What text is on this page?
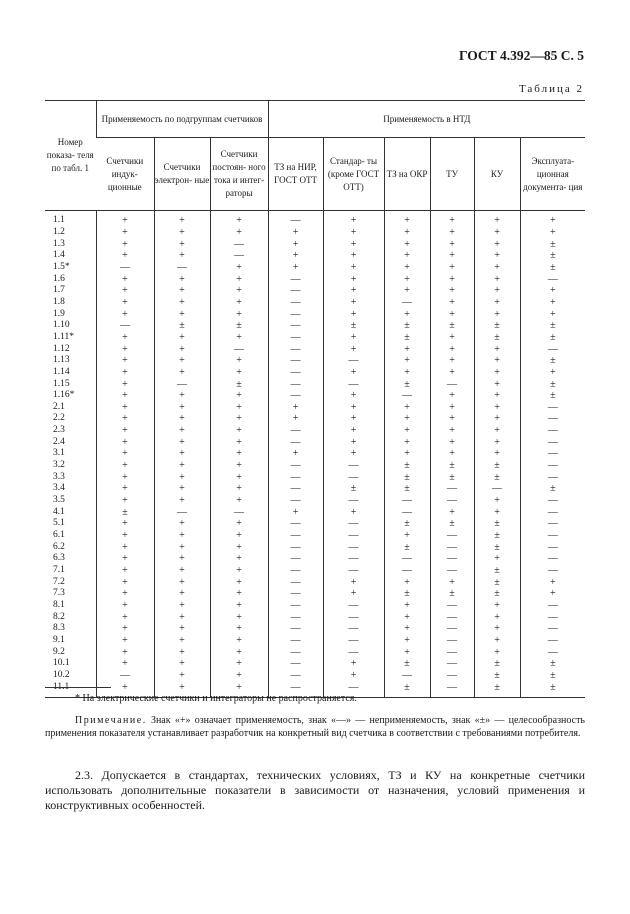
ГОСТ 4.392—85 С. 5
Таблица 2
Номер показа- теля по табл. 1	Применяемость по подгруппам счетчиков			Применяемость в НТД					
	Счетчики индук- ционные	Счетчики электрон- ные	Счетчики постоян- ного тока и интег- раторы	ТЗ на НИР, ГОСТ ОТТ	Стандар- ты (кроме ГОСТ ОТТ)	ТЗ на ОКР	ТУ	КУ	Эксплуата- ционная документа- ция
1.1	+	+	+	—	+	+	+	+	+
1.2	+	+	+	+	+	+	+	+	+
1.3	+	+	—	+	+	+	+	+	±
1.4	+	+	—	+	+	+	+	+	±
1.5*	—	—	+	+	+	+	+	+	±
1.6	+	+	+	—	+	+	+	+	—
1.7	+	+	+	—	+	+	+	+	+
1.8	+	+	+	—	+	—	+	+	+
1.9	+	+	+	—	+	+	+	+	+
1.10	—	±	±	—	±	±	±	±	±
1.11*	+	+	+	—	+	±	+	±	±
1.12	+	+	—	—	+	+	+	+	—
1.13	+	+	+	—	—	+	+	+	±
1.14	+	+	+	—	+	+	+	+	+
1.15	+	—	±	—	—	±	—	+	±
1.16*	+	+	+	—	+	—	+	+	±
2.1	+	+	+	+	+	+	+	+	—
2.2	+	+	+	+	+	+	+	+	—
2.3	+	+	+	—	+	+	+	+	—
2.4	+	+	+	—	+	+	+	+	—
3.1	+	+	+	+	+	+	+	+	—
3.2	+	+	+	—	—	±	±	±	—
3.3	+	+	+	—	—	±	±	±	—
3.4	+	+	+	—	±	±	—	—	±
3.5	+	+	+	—	—	—	—	+	—
4.1	±	—	—	+	+	—	+	+	—
5.1	+	+	+	—	—	±	±	±	—
6.1	+	+	+	—	—	+	—	±	—
6.2	+	+	+	—	—	±	—	±	—
6.3	+	+	+	—	—	—	—	+	—
7.1	+	+	+	—	—	—	—	±	—
7.2	+	+	+	—	+	+	+	±	+
7.3	+	+	+	—	+	±	±	±	+
8.1	+	+	+	—	—	+	—	+	—
8.2	+	+	+	—	—	+	—	+	—
8.3	+	+	+	—	—	+	—	+	—
9.1	+	+	+	—	—	+	—	+	—
9.2	+	+	+	—	—	+	—	+	—
10.1	+	+	+	—	+	±	—	±	±
10.2	—	+	+	—	+	—	—	±	±
11.1	+	+	+	—	—	±	—	±	±
* На электрические счетчики и интеграторы не распространяется.
Примечание. Знак «+» означает применяемость, знак «—» — неприменяемость, знак «±» — целесообразность применения показателя устанавливает разработчик на конкретный вид счетчика в соответствии с требованиями потребителя.
2.3. Допускается в стандартах, технических условиях, ТЗ и КУ на конкретные счетчики использовать дополнительные показатели в зависимости от назначения, условий применения и конструктивных особенностей.
